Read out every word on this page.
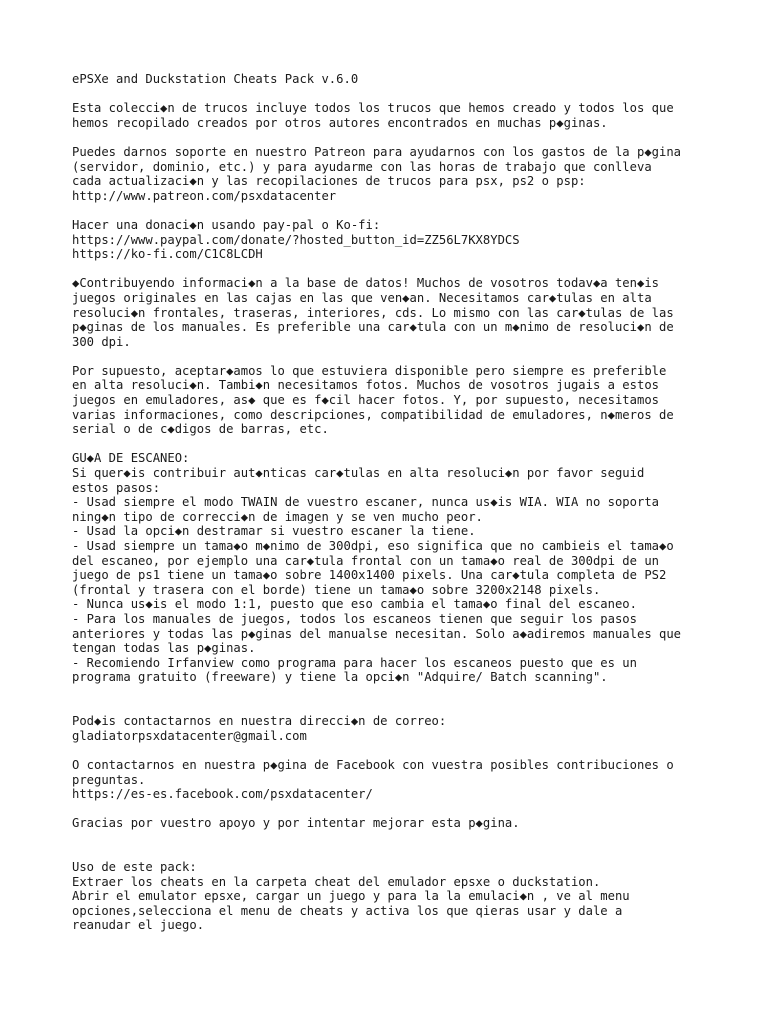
ePSXe and Duckstation Cheats Pack v.6.0
Esta colecci◆n de trucos incluye todos los trucos que hemos creado y todos los que
hemos recopilado creados por otros autores encontrados en muchas p◆ginas.
Puedes darnos soporte en nuestro Patreon para ayudarnos con los gastos de la p◆gina
(servidor, dominio, etc.) y para ayudarme con las horas de trabajo que conlleva
cada actualizaci◆n y las recopilaciones de trucos para psx, ps2 o psp:
http://www.patreon.com/psxdatacenter
Hacer una donaci◆n usando pay-pal o Ko-fi:
https://www.paypal.com/donate/?hosted_button_id=ZZ56L7KX8YDCS
https://ko-fi.com/C1C8LCDH
◆Contribuyendo informaci◆n a la base de datos! Muchos de vosotros todav◆a ten◆is
juegos originales en las cajas en las que ven◆an. Necesitamos car◆tulas en alta
resoluci◆n frontales, traseras, interiores, cds. Lo mismo con las car◆tulas de las
p◆ginas de los manuales. Es preferible una car◆tula con un m◆nimo de resoluci◆n de
300 dpi.
Por supuesto, aceptar◆amos lo que estuviera disponible pero siempre es preferible
en alta resoluci◆n. Tambi◆n necesitamos fotos. Muchos de vosotros jugais a estos
juegos en emuladores, as◆ que es f◆cil hacer fotos. Y, por supuesto, necesitamos
varias informaciones, como descripciones, compatibilidad de emuladores, n◆meros de
serial o de c◆digos de barras, etc.
GU◆A DE ESCANEO:
Si quer◆is contribuir aut◆nticas car◆tulas en alta resoluci◆n por favor seguid
estos pasos:
- Usad siempre el modo TWAIN de vuestro escaner, nunca us◆is WIA. WIA no soporta
ning◆n tipo de correcci◆n de imagen y se ven mucho peor.
- Usad la opci◆n destramar si vuestro escaner la tiene.
- Usad siempre un tama◆o m◆nimo de 300dpi, eso significa que no cambieis el tama◆o
del escaneo, por ejemplo una car◆tula frontal con un tama◆o real de 300dpi de un
juego de ps1 tiene un tama◆o sobre 1400x1400 pixels. Una car◆tula completa de PS2
(frontal y trasera con el borde) tiene un tama◆o sobre 3200x2148 pixels.
- Nunca us◆is el modo 1:1, puesto que eso cambia el tama◆o final del escaneo.
- Para los manuales de juegos, todos los escaneos tienen que seguir los pasos
anteriores y todas las p◆ginas del manualse necesitan. Solo a◆adiremos manuales que
tengan todas las p◆ginas.
- Recomiendo Irfanview como programa para hacer los escaneos puesto que es un
programa gratuito (freeware) y tiene la opci◆n "Adquire/ Batch scanning".
Pod◆is contactarnos en nuestra direcci◆n de correo:
gladiatorpsxdatacenter@gmail.com
O contactarnos en nuestra p◆gina de Facebook con vuestra posibles contribuciones o
preguntas.
https://es-es.facebook.com/psxdatacenter/
Gracias por vuestro apoyo y por intentar mejorar esta p◆gina.
Uso de este pack:
Extraer los cheats en la carpeta cheat del emulador epsxe o duckstation.
Abrir el emulator epsxe, cargar un juego y para la la emulaci◆n , ve al menu
opciones,selecciona el menu de cheats y activa los que qieras usar y dale a
reanudar el juego.
